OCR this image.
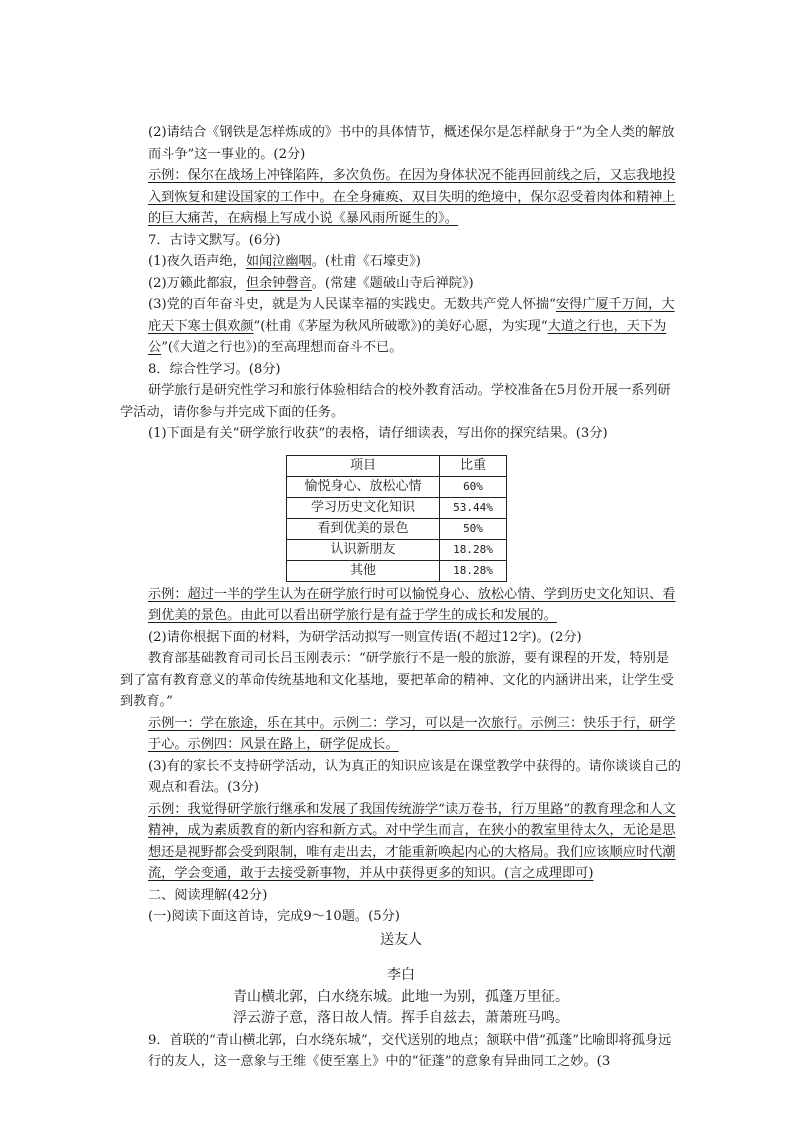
(2)请结合《钢铁是怎样炼成的》书中的具体情节，概述保尔是怎样献身于“为全人类的解放而斗争”这一事业的。(2分)

示例：保尔在战场上冲锋陷阵，多次负伤。在因为身体状况不能再回前线之后，又忘我地投入到恢复和建设国家的工作中。在全身瘫痪、双目失明的绝境中，保尔忍受着肉体和精神上的巨大痛苦，在病榻上写成小说《暴风雨所诞生的》。

7．古诗文默写。(6分)

(1)夜久语声绝，如闻泣幽咽。(杜甫《石壕吏》)

(2)万籁此都寂，但余钟磬音。(常建《题破山寺后禅院》)

(3)党的百年奋斗史，就是为人民谋幸福的实践史。无数共产党人怀揣“安得广厦千万间，大庇天下寒士俱欢颜”(杜甫《茅屋为秋风所破歌》)的美好心愿，为实现“大道之行也，天下为公”(《大道之行也》)的至高理想而奋斗不已。

8．综合性学习。(8分)

研学旅行是研究性学习和旅行体验相结合的校外教育活动。学校准备在5月份开展一系列研学活动，请你参与并完成下面的任务。

(1)下面是有关“研学旅行收获”的表格，请仔细读表，写出你的探究结果。(3分)

项目	比重
愉悦身心、放松心情	60%
学习历史文化知识	53.44%
看到优美的景色	50%
认识新朋友	18.28%
其他	18.28%

示例：超过一半的学生认为在研学旅行时可以愉悦身心、放松心情、学到历史文化知识、看到优美的景色。由此可以看出研学旅行是有益于学生的成长和发展的。

(2)请你根据下面的材料，为研学活动拟写一则宣传语(不超过12字)。(2分)

教育部基础教育司司长吕玉刚表示：“研学旅行不是一般的旅游，要有课程的开发，特别是到了富有教育意义的革命传统基地和文化基地，要把革命的精神、文化的内涵讲出来，让学生受到教育。”

示例一：学在旅途，乐在其中。示例二：学习，可以是一次旅行。示例三：快乐于行，研学于心。示例四：风景在路上，研学促成长。

(3)有的家长不支持研学活动，认为真正的知识应该是在课堂教学中获得的。请你谈谈自己的观点和看法。(3分)

示例：我觉得研学旅行继承和发展了我国传统游学“读万卷书，行万里路”的教育理念和人文精神，成为素质教育的新内容和新方式。对中学生而言，在狭小的教室里待太久，无论是思想还是视野都会受到限制，唯有走出去，才能重新唤起内心的大格局。我们应该顺应时代潮流，学会变通，敢于去接受新事物，并从中获得更多的知识。(言之成理即可)

二、阅读理解(42分)

(一)阅读下面这首诗，完成9～10题。(5分)

送友人

李白

青山横北郭，白水绕东城。此地一为别，孤蓬万里征。

浮云游子意，落日故人情。挥手自兹去，萧萧班马鸣。

9．首联的“青山横北郭，白水绕东城”，交代送别的地点；颔联中借“孤蓬”比喻即将孤身远行的友人，这一意象与王维《使至塞上》中的“征蓬”的意象有异曲同工之妙。(3
